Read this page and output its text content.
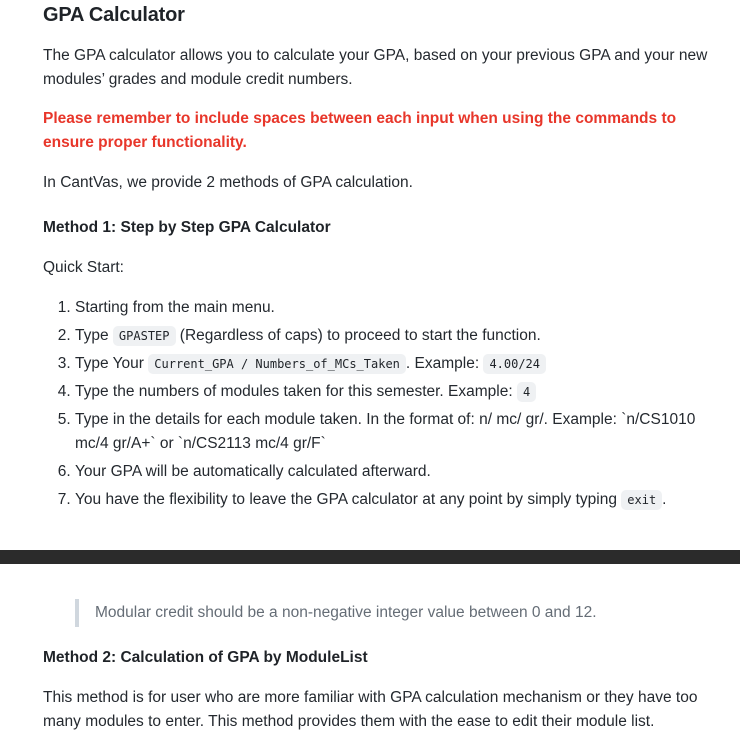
GPA Calculator

The GPA calculator allows you to calculate your GPA, based on your previous GPA and your new modules’ grades and module credit numbers.

Please remember to include spaces between each input when using the commands to ensure proper functionality.

In CantVas, we provide 2 methods of GPA calculation.

Method 1: Step by Step GPA Calculator

Quick Start:

1. Starting from the main menu.
2. Type GPASTEP (Regardless of caps) to proceed to start the function.
3. Type Your Current_GPA / Numbers_of_MCs_Taken . Example: 4.00/24
4. Type the numbers of modules taken for this semester. Example: 4
5. Type in the details for each module taken. In the format of: n/ mc/ gr/. Example: `n/CS1010 mc/4 gr/A+` or `n/CS2113 mc/4 gr/F`
6. Your GPA will be automatically calculated afterward.
7. You have the flexibility to leave the GPA calculator at any point by simply typing exit .
Modular credit should be a non-negative integer value between 0 and 12.

Method 2: Calculation of GPA by ModuleList

This method is for user who are more familiar with GPA calculation mechanism or they have too many modules to enter. This method provides them with the ease to edit their module list.
